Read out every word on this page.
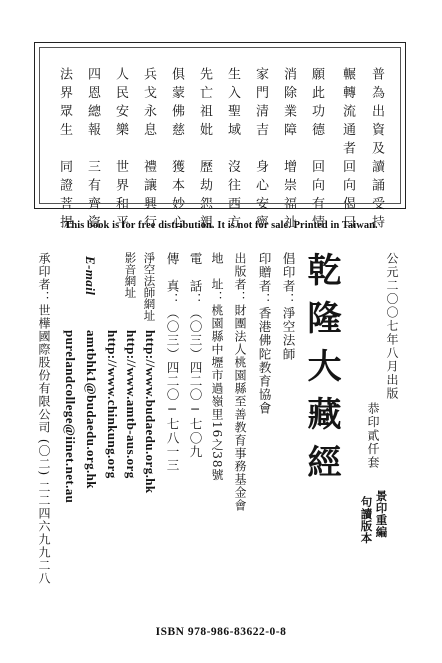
普為出資及讀誦受持
輾轉流通者回向偈曰
願此功德　回向有情
消除業障　增崇福祉
家門清吉　身心安寧
生入聖域　沒往西方
先亡祖妣　歷劫怨親
俱蒙佛慈　獲本妙心
兵戈永息　禮讓興行
人民安樂　世界和平
四恩總報　三有齊資
法界眾生　同證菩提
This book is for free distribution. It is not for sale. Printed in Taiwan.
公元二〇〇七年八月出版
恭印貳仟套
乾隆大藏經
景印重編
句讀版本
倡印者：淨空法師
印贈者：香港佛陀教育協會
出版者：財團法人桃園縣至善教育事務基金會
地　址：桃園縣中壢市過嶺里16之38號
電　話：（〇三）四二〇─七〇九
傳　真：（〇三）四二〇─七八一三
淨空法師網址
影音網址
http://www.budaedu.org.hk
http://www.amtb-aus.org
http://www.chinkung.org
E-mail
amtbhk1@budaedu.org.hk
purelandcollege@iinet.net.au
承印者：世樺國際股份有限公司 (〇二) 二二四六九九二八
ISBN 978-986-83622-0-8
